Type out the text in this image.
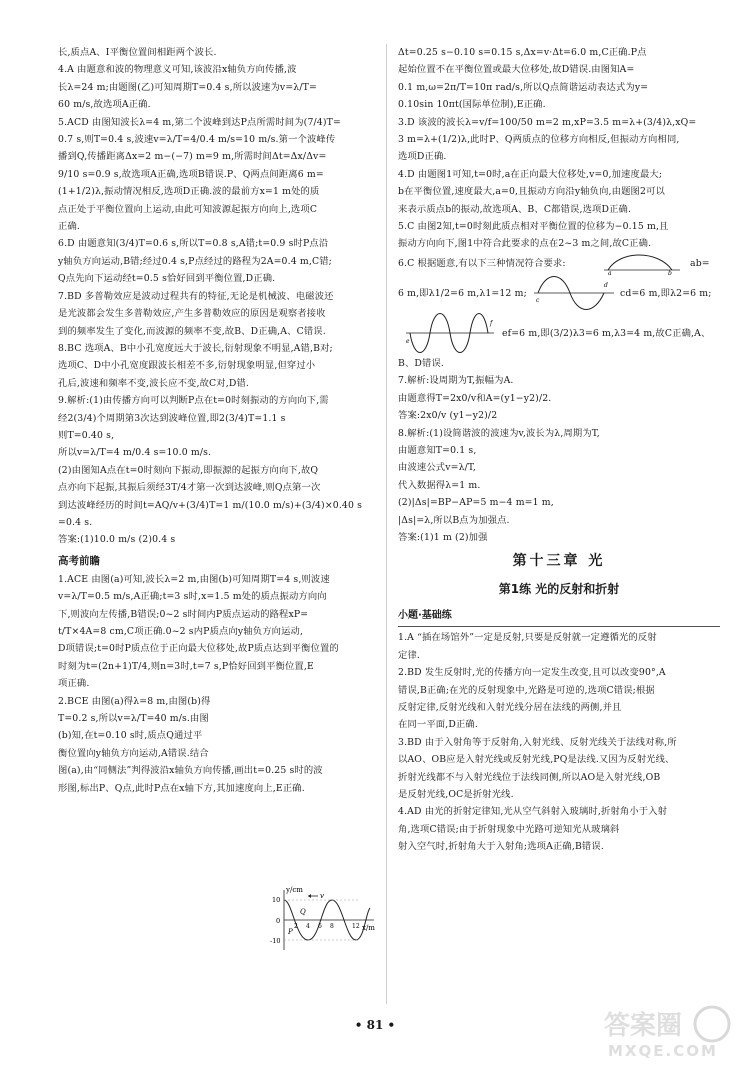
长,质点A、I平衡位置间相距两个波长.
4.A 由题意和波的物理意义可知,该波沿x轴负方向传播,波
长λ=24 m;由题图(乙)可知周期T=0.4 s,所以波速为v=λ/T=
60 m/s,故选项A正确.
5.ACD 由图知波长λ=4 m,第二个波峰到达P点所需时间为(7/4)T=
0.7 s,则T=0.4 s,波速v=λ/T=4/0.4 m/s=10 m/s.第一个波峰传
播到Q,传播距离Δx=2 m−(−7) m=9 m,所需时间Δt=Δx/Δv=
9/10 s=0.9 s,故选项A正确,选项B错误.P、Q两点间距离6 m=
(1+1/2)λ,振动情况相反,选项D正确.波的最前方x=1 m处的质
点正处于平衡位置向上运动,由此可知波源起振方向向上,选项C
正确.
6.D 由题意知(3/4)T=0.6 s,所以T=0.8 s,A错;t=0.9 s时P点沿
y轴负方向运动,B错;经过0.4 s,P点经过的路程为2A=0.4 m,C错;
Q点先向下运动经t=0.5 s恰好回到平衡位置,D正确.
7.BD 多普勒效应是波动过程共有的特征,无论是机械波、电磁波还
是光波都会发生多普勒效应,产生多普勒效应的原因是观察者接收
到的频率发生了变化,而波源的频率不变,故B、D正确,A、C错误.
8.BC 选项A、B中小孔宽度远大于波长,衍射现象不明显,A错,B对;
选项C、D中小孔宽度跟波长相差不多,衍射现象明显,但穿过小
孔后,波速和频率不变,波长应不变,故C对,D错.
9.解析:(1)由传播方向可以判断P点在t=0时刻振动的方向向下,需
经2(3/4)个周期第3次达到波峰位置,即2(3/4)T=1.1 s
则T=0.40 s,
所以v=λ/T=4 m/0.4 s=10.0 m/s.
(2)由图知A点在t=0时刻向下振动,即振源的起振方向向下,故Q
点亦向下起振,其振后须经3T/4才第一次到达波峰,则Q点第一次
到达波峰经历的时间t=AQ/v+(3/4)T=1 m/(10.0 m/s)+(3/4)×0.40 s
=0.4 s.
答案:(1)10.0 m/s (2)0.4 s
高考前瞻
1.ACE 由图(a)可知,波长λ=2 m,由图(b)可知周期T=4 s,则波速
v=λ/T=0.5 m/s,A正确;t=3 s时,x=1.5 m处的质点振动方向向
下,则波向左传播,B错误;0~2 s时间内P质点运动的路程xP=
t/T×4A=8 cm,C项正确.0~2 s内P质点向y轴负方向运动,
D项错误;t=0时P质点位于正向最大位移处,故P质点达到平衡位置的
时刻为t=(2n+1)T/4,则n=3时,t=7 s,P恰好回到平衡位置,E
项正确.
2.BCE 由图(a)得λ=8 m,由图(b)得
T=0.2 s,所以v=λ/T=40 m/s.由图
(b)知,在t=0.10 s时,质点Q通过平
衡位置向y轴负方向运动,A错误.结合
图(a),由“同侧法”判得波沿x轴负方向传播,画出t=0.25 s时的波
形图,标出P、Q点,此时P点在x轴下方,其加速度向上,E正确.
y/cm
x/m
10
0
-10
2 4 6 8	12
Q
P
v
Δt=0.25 s−0.10 s=0.15 s,Δx=v·Δt=6.0 m,C正确.P点
起始位置不在平衡位置或最大位移处,故D错误.由图知A=
0.1 m,ω=2π/T=10π rad/s,所以Q点简谐运动表达式为y=
0.10sin 10πt(国际单位制),E正确.
3.D 该波的波长λ=v/f=100/50 m=2 m,xP=3.5 m=λ+(3/4)λ,xQ=
3 m=λ+(1/2)λ,此时P、Q两质点的位移方向相反,但振动方向相同,
选项D正确.
4.D 由题图1可知,t=0时,a在正向最大位移处,v=0,加速度最大;
b在平衡位置,速度最大,a=0,且振动方向沿y轴负向,由题图2可以
来表示质点b的振动,故选项A、B、C都错误,选项D正确.
5.C 由图2知,t=0时刻此质点相对平衡位置的位移为−0.15 m,且
振动方向向下,图1中符合此要求的点在2~3 m之间,故C正确.
6.C 根据题意,有以下三种情况符合要求:
a	b
ab=
6 m,即λ1/2=6 m,λ1=12 m;
c
d
cd=6 m,即λ2=6 m;
e
f
ef=6 m,即(3/2)λ3=6 m,λ3=4 m,故C正确,A、
B、D错误.
7.解析:设周期为T,振幅为A.
由题意得T=2x0/v和A=(y1−y2)/2.
答案:2x0/v (y1−y2)/2
8.解析:(1)设简谐波的波速为v,波长为λ,周期为T,
由题意知T=0.1 s,
由波速公式v=λ/T,
代入数据得λ=1 m.
(2)|Δs|=BP−AP=5 m−4 m=1 m,
|Δs|=λ,所以B点为加强点.
答案:(1)1 m (2)加强
第十三章 光
第1练 光的反射和折射
小题·基础练
1.A “插在场馆外”一定是反射,只要是反射就一定遵循光的反射
定律.
2.BD 发生反射时,光的传播方向一定发生改变,且可以改变90°,A
错误,B正确;在光的反射现象中,光路是可逆的,选项C错误;根据
反射定律,反射光线和入射光线分居在法线的两侧,并且
在同一平面,D正确.
3.BD 由于入射角等于反射角,入射光线、反射光线关于法线对称,所
以AO、OB应是入射光线或反射光线,PQ是法线.又因为反射光线、
折射光线都不与入射光线位于法线同侧,所以AO是入射光线,OB
是反射光线,OC是折射光线.
4.AD 由光的折射定律知,光从空气斜射入玻璃时,折射角小于入射
角,选项C错误;由于折射现象中光路可逆知光从玻璃斜
射入空气时,折射角大于入射角;选项A正确,B错误.
• 81 •	答案圈
MXQE.COM
